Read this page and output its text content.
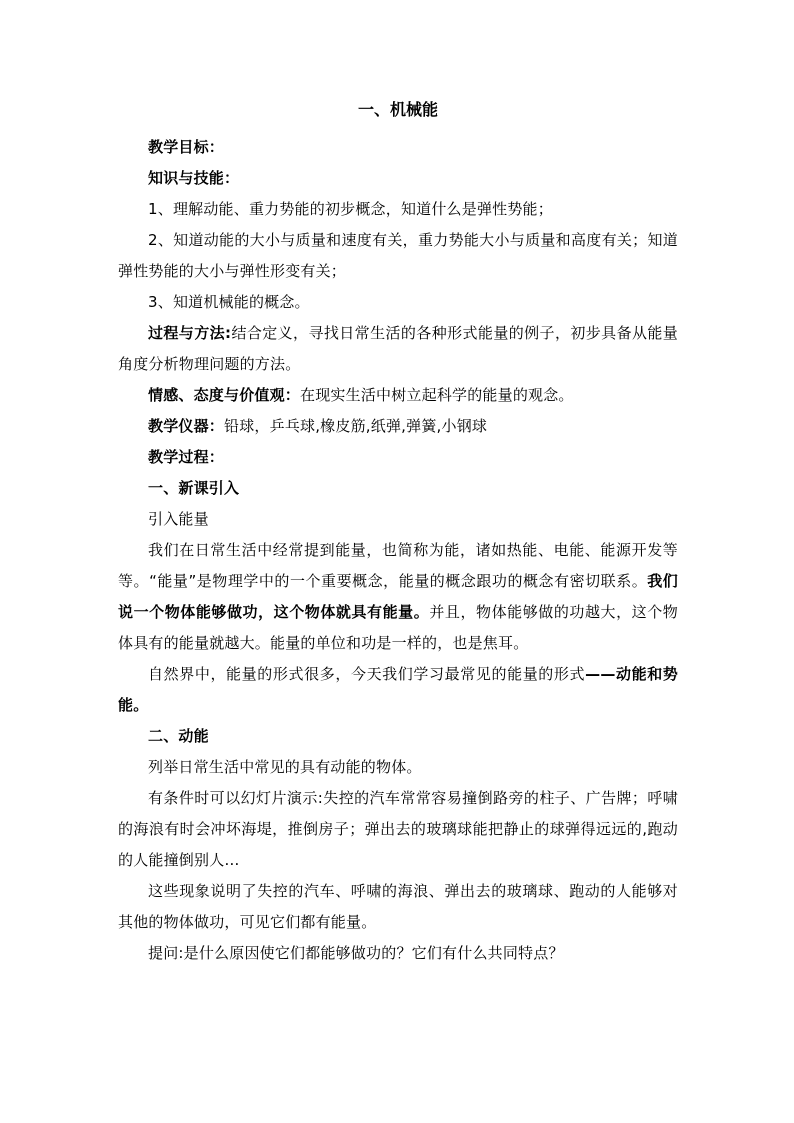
一、机械能

教学目标：

知识与技能：

1、理解动能、重力势能的初步概念，知道什么是弹性势能；

2、知道动能的大小与质量和速度有关，重力势能大小与质量和高度有关；知道弹性势能的大小与弹性形变有关；

3、知道机械能的概念。

过程与方法:结合定义，寻找日常生活的各种形式能量的例子，初步具备从能量角度分析物理问题的方法。

情感、态度与价值观：在现实生活中树立起科学的能量的观念。

教学仪器：铅球，乒乓球,橡皮筋,纸弹,弹簧,小钢球

教学过程：

一、新课引入

引入能量

我们在日常生活中经常提到能量，也简称为能，诸如热能、电能、能源开发等等。“能量”是物理学中的一个重要概念，能量的概念跟功的概念有密切联系。我们说一个物体能够做功，这个物体就具有能量。并且，物体能够做的功越大，这个物体具有的能量就越大。能量的单位和功是一样的，也是焦耳。

自然界中，能量的形式很多，今天我们学习最常见的能量的形式——动能和势能。

二、动能

列举日常生活中常见的具有动能的物体。

有条件时可以幻灯片演示:失控的汽车常常容易撞倒路旁的柱子、广告牌；呼啸的海浪有时会冲坏海堤，推倒房子；弹出去的玻璃球能把静止的球弹得远远的,跑动的人能撞倒别人…

这些现象说明了失控的汽车、呼啸的海浪、弹出去的玻璃球、跑动的人能够对其他的物体做功，可见它们都有能量。

提问:是什么原因使它们都能够做功的？它们有什么共同特点？
